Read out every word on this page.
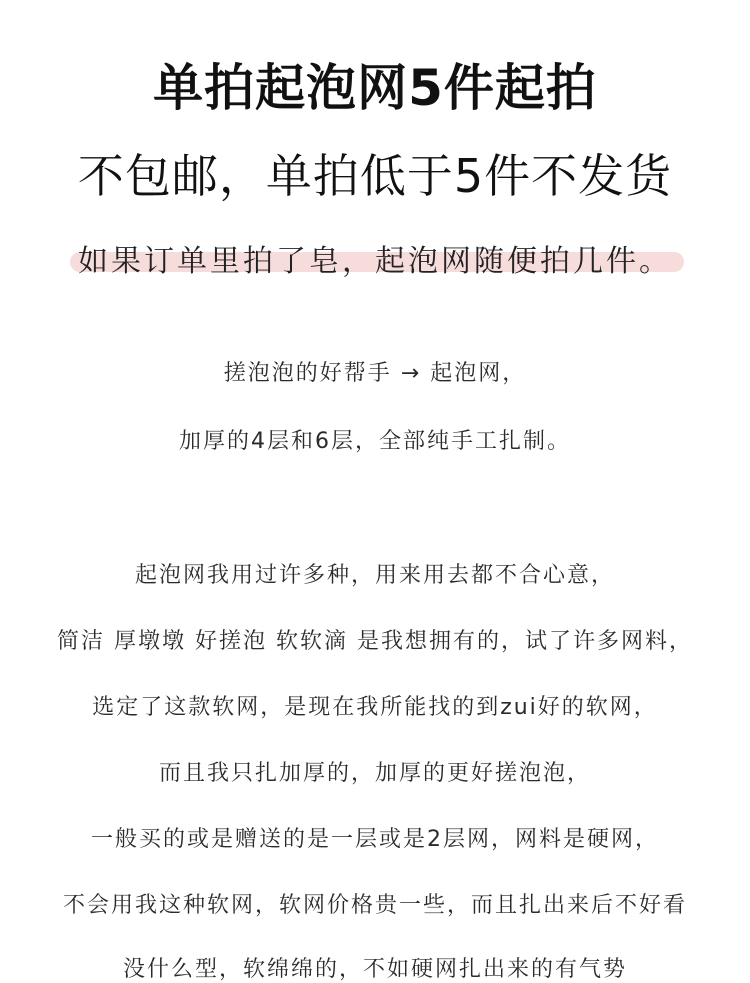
单拍起泡网5件起拍
不包邮，单拍低于5件不发货
如果订单里拍了皂，起泡网随便拍几件。
搓泡泡的好帮手 → 起泡网，
加厚的4层和6层，全部纯手工扎制。
起泡网我用过许多种，用来用去都不合心意，
简洁 厚墩墩 好搓泡 软软滴 是我想拥有的，试了许多网料，
选定了这款软网，是现在我所能找的到zui好的软网，
而且我只扎加厚的，加厚的更好搓泡泡，
一般买的或是赠送的是一层或是2层网，网料是硬网，
不会用我这种软网，软网价格贵一些，而且扎出来后不好看
没什么型，软绵绵的，不如硬网扎出来的有气势
